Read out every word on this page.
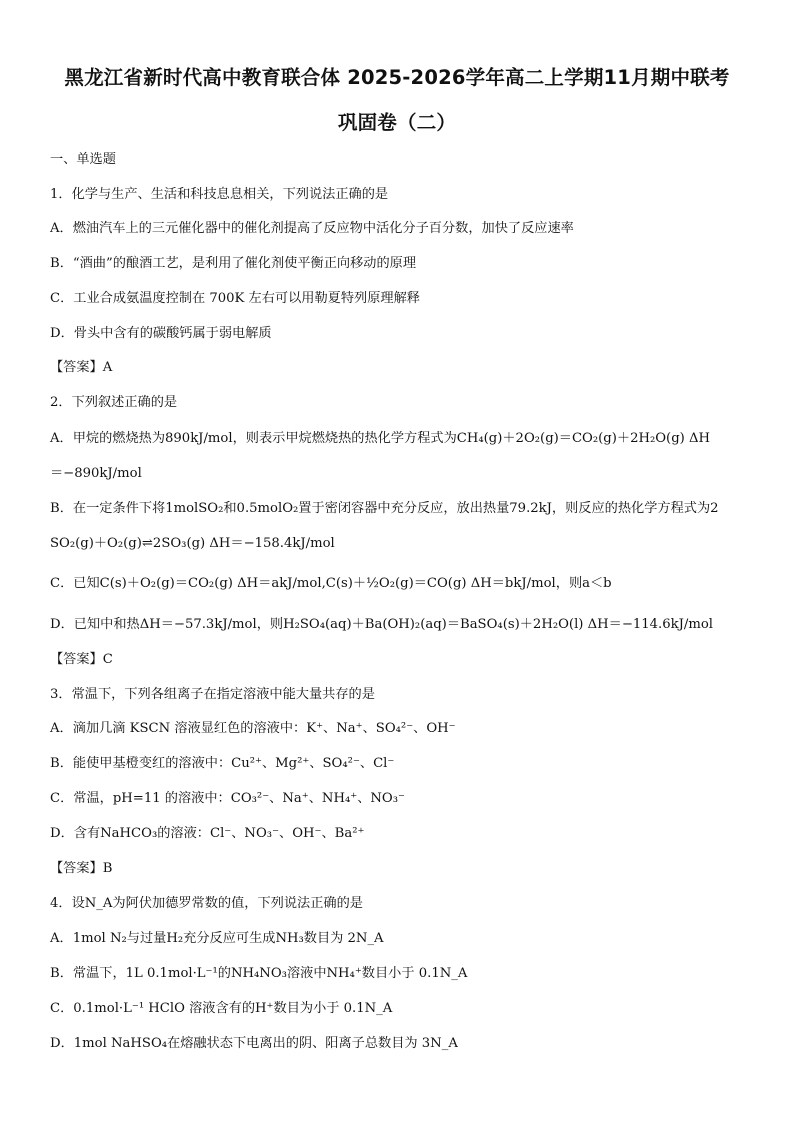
黑龙江省新时代高中教育联合体 2025-2026学年高二上学期11月期中联考
巩固卷（二）
一、单选题
1．化学与生产、生活和科技息息相关，下列说法正确的是
A．燃油汽车上的三元催化器中的催化剂提高了反应物中活化分子百分数，加快了反应速率
B．“酒曲”的酿酒工艺，是利用了催化剂使平衡正向移动的原理
C．工业合成氨温度控制在 700K 左右可以用勒夏特列原理解释
D．骨头中含有的碳酸钙属于弱电解质
【答案】A
2．下列叙述正确的是
A．甲烷的燃烧热为890kJ/mol，则表示甲烷燃烧热的热化学方程式为CH₄(g)＋2O₂(g)＝CO₂(g)＋2H₂O(g) ΔH
＝−890kJ/mol
B．在一定条件下将1molSO₂和0.5molO₂置于密闭容器中充分反应，放出热量79.2kJ，则反应的热化学方程式为2
SO₂(g)＋O₂(g)⇌2SO₃(g) ΔH＝−158.4kJ/mol
C．已知C(s)＋O₂(g)＝CO₂(g) ΔH＝akJ/mol,C(s)＋½O₂(g)＝CO(g) ΔH＝bkJ/mol，则a＜b
D．已知中和热ΔH＝−57.3kJ/mol，则H₂SO₄(aq)＋Ba(OH)₂(aq)＝BaSO₄(s)＋2H₂O(l) ΔH＝−114.6kJ/mol
【答案】C
3．常温下，下列各组离子在指定溶液中能大量共存的是
A．滴加几滴 KSCN 溶液显红色的溶液中：K⁺、Na⁺、SO₄²⁻、OH⁻
B．能使甲基橙变红的溶液中：Cu²⁺、Mg²⁺、SO₄²⁻、Cl⁻
C．常温，pH=11 的溶液中：CO₃²⁻、Na⁺、NH₄⁺、NO₃⁻
D．含有NaHCO₃的溶液：Cl⁻、NO₃⁻、OH⁻、Ba²⁺
【答案】B
4．设N_A为阿伏加德罗常数的值，下列说法正确的是
A．1mol N₂与过量H₂充分反应可生成NH₃数目为 2N_A
B．常温下，1L 0.1mol·L⁻¹的NH₄NO₃溶液中NH₄⁺数目小于 0.1N_A
C．0.1mol·L⁻¹ HClO 溶液含有的H⁺数目为小于 0.1N_A
D．1mol NaHSO₄在熔融状态下电离出的阴、阳离子总数目为 3N_A
